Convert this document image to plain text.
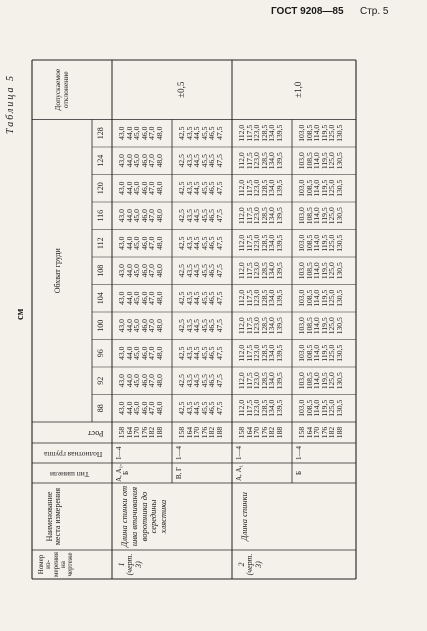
ГОСТ 9208—85 Стр. 5
Номер из-мерения на чертеже
Наименование места измерения
Тип шинели
Полнотная группа
Рост
Обхват груди
Допускаемое отклонение
88
92
96
100
104
108
112
116
120
124
128
1 (черт. 3)
Длина спинки от шва втачивания воротника до середины хлястика
±0,5
А, А₁, Б
I—4
158
164
170
176
182
188
43,0
44,0
45,0
46,0
47,0
48,0
43,0
44,0
45,0
46,0
47,0
48,0
43,0
44,0
45,0
46,0
47,0
48,0
43,0
44,0
45,0
46,0
47,0
48,0
43,0
44,0
45,0
46,0
47,0
48,0
43,0
44,0
45,0
46,0
47,0
48,0
43,0
44,0
45,0
46,0
47,0
48,0
43,0
44,0
45,0
46,0
47,0
48,0
43,0
44,0
45,0
46,0
47,0
48,0
43,0
44,0
45,0
46,0
47,0
48,0
43,0
44,0
45,0
46,0
47,0
48,0
В, Г
1—4
158
164
170
176
182
188
42,5
43,5
44,5
45,5
46,5
47,5
42,5
43,5
44,5
45,5
46,5
47,5
42,5
43,5
44,5
45,5
46,5
47,5
42,5
43,5
44,5
45,5
46,5
47,5
42,5
43,5
44,5
45,5
46,5
47,5
42,5
43,5
44,5
45,5
46,5
47,5
42,5
43,5
44,5
45,5
46,5
47,5
42,5
43,5
44,5
45,5
46,5
47,5
42,5
43,5
44,5
45,5
46,5
47,5
42,5
43,5
44,5
45,5
46,5
47,5
42,5
43,5
44,5
45,5
46,5
47,5
2 (черт. 3)
Длина спинки
±1,0
А, А₁
1—4
158
164
170
176
182
188
112,0
117,5
123,0
128,5
134,0
139,5
112,0
117,5
123,0
128,5
134,0
139,5
112,0
117,5
123,0
128,5
134,0
139,5
112,0
117,5
123,0
128,5
134,0
139,5
112,0
117,5
123,0
128,5
134,0
139,5
112,0
117,5
123,0
128,5
134,0
139,5
112,0
117,5
123,0
128,5
134,0
139,5
112,0
117,5
123,0
128,5
134,0
139,5
112,0
117,5
123,0
128,5
134,0
139,5
112,0
117,5
123,0
128,5
134,0
139,5
112,0
117,5
123,0
128,5
134,0
139,5
Б
1—4
158
164
170
176
182
188
103,0
108,5
114,0
119,5
125,0
130,5
103,0
108,5
114,0
119,5
125,0
130,5
103,0
108,5
114,0
119,5
125,0
130,5
103,0
108,5
114,0
119,5
125,0
130,5
103,0
108,5
114,0
119,5
125,0
130,5
103,0
108,5
114,0
119,5
125,0
130,5
103,0
108,5
114,0
119,5
125,0
130,5
103,0
108,5
114,0
119,5
125,0
130,5
103,0
108,5
114,0
119,5
125,0
130,5
103,0
108,5
114,0
119,5
125,0
130,5
103,0
108,5
114,0
119,5
125,0
130,5
Таблица 5
см
